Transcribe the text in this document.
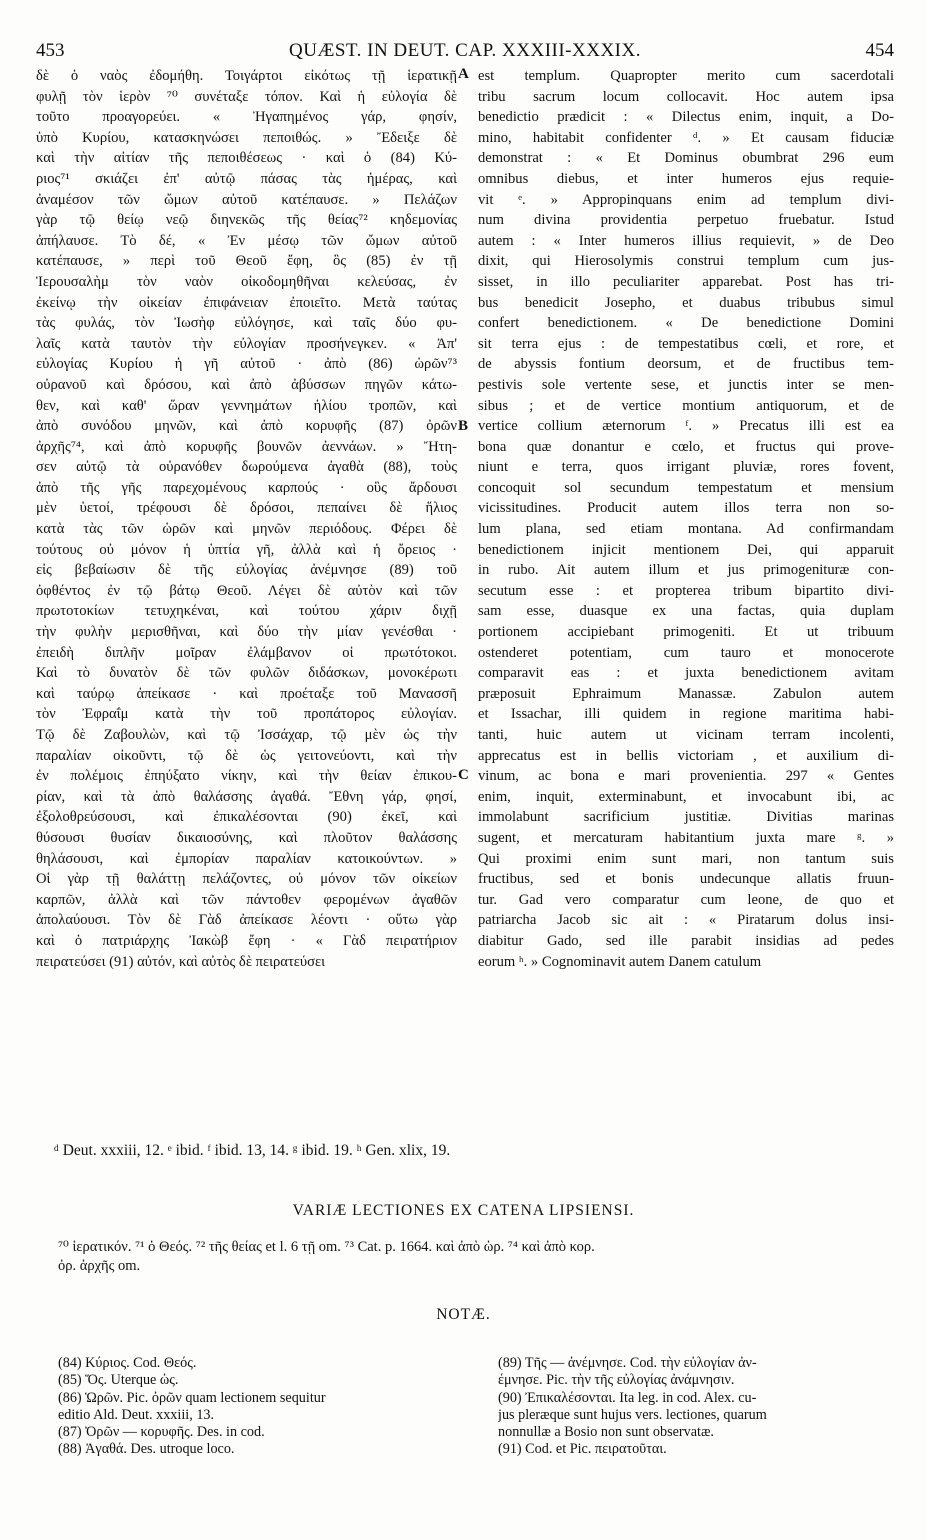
453	QUÆST. IN DEUT. CAP. XXXIII-XXXIX.	454
δὲ ὁ ναὸς ἐδομήθη. Τοιγάρτοι εἰκότως τῇ ἱερατικῇ
φυλῇ τὸν ἱερὸν ⁷⁰ συνέταξε τόπον. Καὶ ἡ εὐλογία δὲ
τοῦτο προαγορεύει. « Ἠγαπημένος γάρ, φησίν,
ὑπὸ Κυρίου, κατασκηνώσει πεποιθώς. » Ἔδειξε δὲ
καὶ τὴν αἰτίαν τῆς πεποιθέσεως · καὶ ὁ (84) Κύ-
ριος⁷¹ σκιάζει ἐπ' αὐτῷ πάσας τὰς ἡμέρας, καὶ
ἀναμέσον τῶν ὤμων αὐτοῦ κατέπαυσε. » Πελάζων
γὰρ τῷ θείῳ νεῷ διηνεκῶς τῆς θείας⁷² κηδεμονίας
ἀπήλαυσε. Τὸ δέ, « Ἐν μέσῳ τῶν ὤμων αὐτοῦ
κατέπαυσε, » περὶ τοῦ Θεοῦ ἔφη, ὃς (85) ἐν τῇ
Ἱερουσαλὴμ τὸν ναὸν οἰκοδομηθῆναι κελεύσας, ἐν
ἐκείνῳ τὴν οἰκείαν ἐπιφάνειαν ἐποιεῖτο. Μετὰ ταύτας
τὰς φυλάς, τὸν Ἰωσὴφ εὐλόγησε, καὶ ταῖς δύο φυ-
λαῖς κατὰ ταυτὸν τὴν εὐλογίαν προσήνεγκεν. « Ἀπ'
εὐλογίας Κυρίου ἡ γῆ αὐτοῦ · ἀπὸ (86) ὡρῶν⁷³
οὐρανοῦ καὶ δρόσου, καὶ ἀπὸ ἀβύσσων πηγῶν κάτω-
θεν, καὶ καθ' ὥραν γεννημάτων ἡλίου τροπῶν, καὶ
ἀπὸ συνόδου μηνῶν, καὶ ἀπὸ κορυφῆς (87) ὀρῶν
ἀρχῆς⁷⁴, καὶ ἀπὸ κορυφῆς βουνῶν ἀεννάων. » Ἤτη-
σεν αὐτῷ τὰ οὐρανόθεν δωρούμενα ἀγαθὰ (88), τοὺς
ἀπὸ τῆς γῆς παρεχομένους καρπούς · οὓς ἄρδουσι
μὲν ὑετοί, τρέφουσι δὲ δρόσοι, πεπαίνει δὲ ἥλιος
κατὰ τὰς τῶν ὡρῶν καὶ μηνῶν περιόδους. Φέρει δὲ
τούτους οὐ μόνον ἡ ὑπτία γῆ, ἀλλὰ καὶ ἡ ὄρειος ·
εἰς βεβαίωσιν δὲ τῆς εὐλογίας ἀνέμνησε (89) τοῦ
ὀφθέντος ἐν τῷ βάτῳ Θεοῦ. Λέγει δὲ αὐτὸν καὶ τῶν
πρωτοτοκίων τετυχηκέναι, καὶ τούτου χάριν διχῇ
τὴν φυλὴν μερισθῆναι, καὶ δύο τὴν μίαν γενέσθαι ·
ἐπειδὴ διπλῆν μοῖραν ἐλάμβανον οἱ πρωτότοκοι.
Καὶ τὸ δυνατὸν δὲ τῶν φυλῶν διδάσκων, μονοκέρωτι
καὶ ταύρῳ ἀπείκασε · καὶ προέταξε τοῦ Μανασσῆ
τὸν Ἐφραΐμ κατὰ τὴν τοῦ προπάτορος εὐλογίαν.
Τῷ δὲ Ζαβουλὼν, καὶ τῷ Ἰσσάχαρ, τῷ μὲν ὡς τὴν
παραλίαν οἰκοῦντι, τῷ δὲ ὡς γειτονεύοντι, καὶ τὴν
ἐν πολέμοις ἐπηύξατο νίκην, καὶ τὴν θείαν ἐπικου-
ρίαν, καὶ τὰ ἀπὸ θαλάσσης ἀγαθά. Ἔθνη γάρ, φησί,
ἐξολοθρεύσουσι, καὶ ἐπικαλέσονται (90) ἐκεῖ, καὶ
θύσουσι θυσίαν δικαιοσύνης, καὶ πλοῦτον θαλάσσης
θηλάσουσι, καὶ ἐμπορίαν παραλίαν κατοικούντων. »
Οἱ γὰρ τῇ θαλάττῃ πελάζοντες, οὐ μόνον τῶν οἰκείων
καρπῶν, ἀλλὰ καὶ τῶν πάντοθεν φερομένων ἀγαθῶν
ἀπολαύουσι. Τὸν δὲ Γὰδ ἀπείκασε λέοντι · οὕτω γὰρ
καὶ ὁ πατριάρχης Ἰακὼβ ἔφη · « Γὰδ πειρατήριον
πειρατεύσει (91) αὐτόν, καὶ αὐτὸς δὲ πειρατεύσει
est templum. Quapropter merito cum sacerdotali
tribu sacrum locum collocavit. Hoc autem ipsa
benedictio prædicit : « Dilectus enim, inquit, a Do-
mino, habitabit confidenter ᵈ. » Et causam fiduciæ
demonstrat : « Et Dominus obumbrat 296 eum
omnibus diebus, et inter humeros ejus requie-
vit ᵉ. » Appropinquans enim ad templum divi-
num divina providentia perpetuo fruebatur. Istud
autem : « Inter humeros illius requievit, » de Deo
dixit, qui Hierosolymis construi templum cum jus-
sisset, in illo peculiariter apparebat. Post has tri-
bus benedicit Josepho, et duabus tribubus simul
confert benedictionem. « De benedictione Domini
sit terra ejus : de tempestatibus cœli, et rore, et
de abyssis fontium deorsum, et de fructibus tem-
pestivis sole vertente sese, et junctis inter se men-
sibus ; et de vertice montium antiquorum, et de
vertice collium æternorum ᶠ. » Precatus illi est ea
bona quæ donantur e cœlo, et fructus qui prove-
niunt e terra, quos irrigant pluviæ, rores fovent,
concoquit sol secundum tempestatum et mensium
vicissitudines. Producit autem illos terra non so-
lum plana, sed etiam montana. Ad confirmandam
benedictionem injicit mentionem Dei, qui apparuit
in rubo. Ait autem illum et jus primogenituræ con-
secutum esse : et propterea tribum bipartito divi-
sam esse, duasque ex una factas, quia duplam
portionem accipiebant primogeniti. Et ut tribuum
ostenderet potentiam, cum tauro et monocerote
comparavit eas : et juxta benedictionem avitam
præposuit Ephraimum Manassæ. Zabulon autem
et Issachar, illi quidem in regione maritima habi-
tanti, huic autem ut vicinam terram incolenti,
apprecatus est in bellis victoriam , et auxilium di-
vinum, ac bona e mari provenientia. 297 « Gentes
enim, inquit, exterminabunt, et invocabunt ibi, ac
immolabunt sacrificium justitiæ. Divitias marinas
sugent, et mercaturam habitantium juxta mare ᵍ. »
Qui proximi enim sunt mari, non tantum suis
fructibus, sed et bonis undecunque allatis fruun-
tur. Gad vero comparatur cum leone, de quo et
patriarcha Jacob sic ait : « Piratarum dolus insi-
diabitur Gado, sed ille parabit insidias ad pedes
eorum ʰ. » Cognominavit autem Danem catulum
A
B
C
ᵈ Deut. xxxiii, 12. ᵉ ibid. ᶠ ibid. 13, 14. ᵍ ibid. 19. ʰ Gen. xlix, 19.
VARIÆ LECTIONES EX CATENA LIPSIENSI.
⁷⁰ ἱερατικόν. ⁷¹ ὁ Θεός. ⁷² τῆς θείας et l. 6 τῇ om. ⁷³ Cat. p. 1664. καὶ ἀπὸ ὡρ. ⁷⁴ καὶ ἀπὸ κορ.
ὀρ. ἀρχῆς om.
NOTÆ.
(84) Κύριος. Cod. Θεός.
(85) Ὅς. Uterque ὡς.
(86) Ὡρῶν. Pic. ὀρῶν quam lectionem sequitur
editio Ald. Deut. xxxiii, 13.
(87) Ὀρῶν — κορυφῆς. Des. in cod.
(88) Ἀγαθά. Des. utroque loco.
(89) Τῆς — ἀνέμνησε. Cod. τὴν εὐλογίαν ἀν-
έμνησε. Pic. τὴν τῆς εὐλογίας ἀνάμνησιν.
(90) Ἐπικαλέσονται. Ita leg. in cod. Alex. cu-
jus pleræque sunt hujus vers. lectiones, quarum
nonnullæ a Bosio non sunt observatæ.
(91) Cod. et Pic. πειρατοῦται.
